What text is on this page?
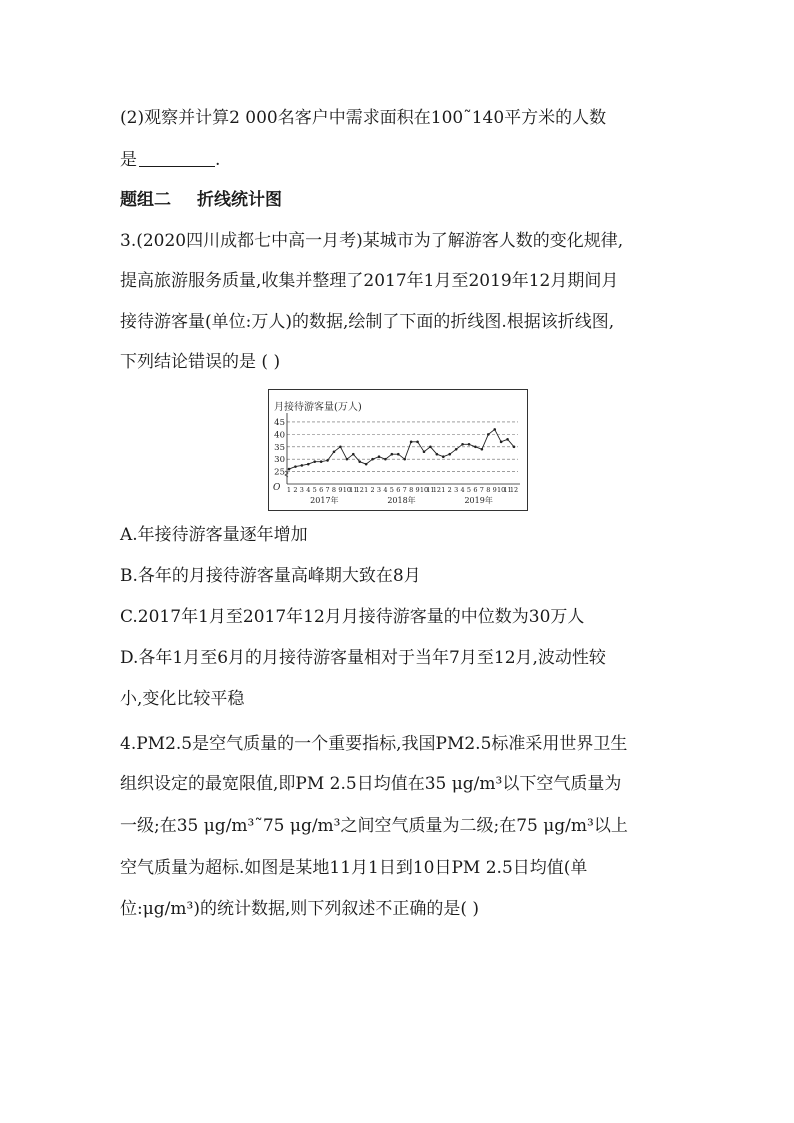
(2)观察并计算2 000名客户中需求面积在100˜140平方米的人数
是	.
题组二 折线统计图
3.(2020四川成都七中高一月考)某城市为了解游客人数的变化规律,
提高旅游服务质量,收集并整理了2017年1月至2019年12月期间月
接待游客量(单位:万人)的数据,绘制了下面的折线图.根据该折线图,
下列结论错误的是 ( )
月接待游客量(万人)
25
30
35
40
45
O 1 2 3 4 5 6 7 8 9 10
11
12 1 2 3 4 5 6 7 8 9 10
11
12 1 2 3 4 5 6 7 8 9 10
11
12
2017年	2018年	2019年
A.年接待游客量逐年增加
B.各年的月接待游客量高峰期大致在8月
C.2017年1月至2017年12月月接待游客量的中位数为30万人
D.各年1月至6月的月接待游客量相对于当年7月至12月,波动性较
小,变化比较平稳
4.PM2.5是空气质量的一个重要指标,我国PM2.5标准采用世界卫生
组织设定的最宽限值,即PM 2.5日均值在35 μg/m³以下空气质量为
一级;在35 μg/m³˜75 μg/m³之间空气质量为二级;在75 μg/m³以上
空气质量为超标.如图是某地11月1日到10日PM 2.5日均值(单
位:μg/m³)的统计数据,则下列叙述不正确的是( )
